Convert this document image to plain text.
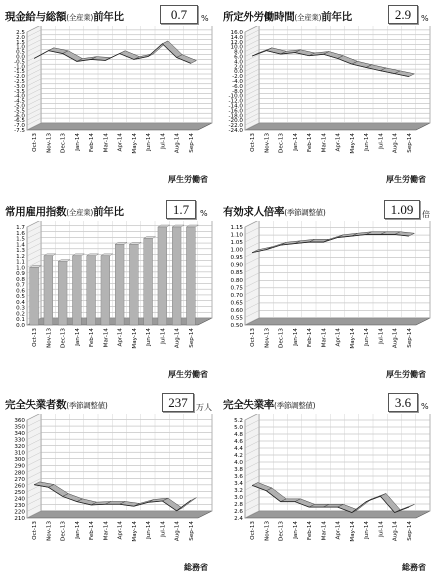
現金給与総額(全産業)前年比	0.7	%
2.5
2.0
1.5
1.0
0.5
0.0
-0.5
-1.0
-1.5
-2.0
-2.5
-3.0
-3.5
-4.0
-4.5
-5.0
-5.5
-6.0
-6.5
-7.0
-7.5
Oct-13 Nov-13 Dec-13 Jan-14 Feb-14 Mar-14 Apr-14 May-14 Jun-14 Jul-14 Aug-14 Sep-14
厚生労働省
所定外労働時間(全産業)前年比	2.9	%
16.0
14.0
12.0
10.0
8.0
6.0
4.0
2.0
0.0
-2.0
-4.0
-6.0
-8.0
-10.0
-12.0
-14.0
-16.0
-18.0
-20.0
-22.0
-24.0
Oct-13 Nov-13 Dec-13 Jan-14 Feb-14 Mar-14 Apr-14 May-14 Jun-14 Jul-14 Aug-14 Sep-14
厚生労働省
常用雇用指数(全産業)前年比	1.7	%
1.7
1.6
1.5
1.4
1.3
1.2
1.1
1.0
0.9
0.8
0.7
0.6
0.5
0.4
0.3
0.2
0.1
0.0
Oct-13 Nov-13 Dec-13 Jan-14 Feb-14 Mar-14 Apr-14 May-14 Jun-14 Jul-14 Aug-14 Sep-14
厚生労働省
有効求人倍率(季節調整値)	1.09	倍
1.15
1.10
1.05
1.00
0.95
0.90
0.85
0.80
0.75
0.70
0.65
0.60
0.55
0.50
Oct-13 Nov-13 Dec-13 Jan-14 Feb-14 Mar-14 Apr-14 May-14 Jun-14 Jul-14 Aug-14 Sep-14
厚生労働省
完全失業者数(季節調整値)	237	万人
360
350
340
330
320
310
300
290
280
270
260
250
240
230
220
210
Oct-13 Nov-13 Dec-13 Jan-14 Feb-14 Mar-14 Apr-14 May-14 Jun-14 Jul-14 Aug-14 Sep-14
総務省
完全失業率(季節調整値)	3.6	%
5.2
5.0
4.8
4.6
4.4
4.2
4.0
3.8
3.6
3.4
3.2
3.0
2.8
2.6
2.4
Oct-13 Nov-13 Dec-13 Jan-14 Feb-14 Mar-14 Apr-14 May-14 Jun-14 Jul-14 Aug-14 Sep-14
総務省
